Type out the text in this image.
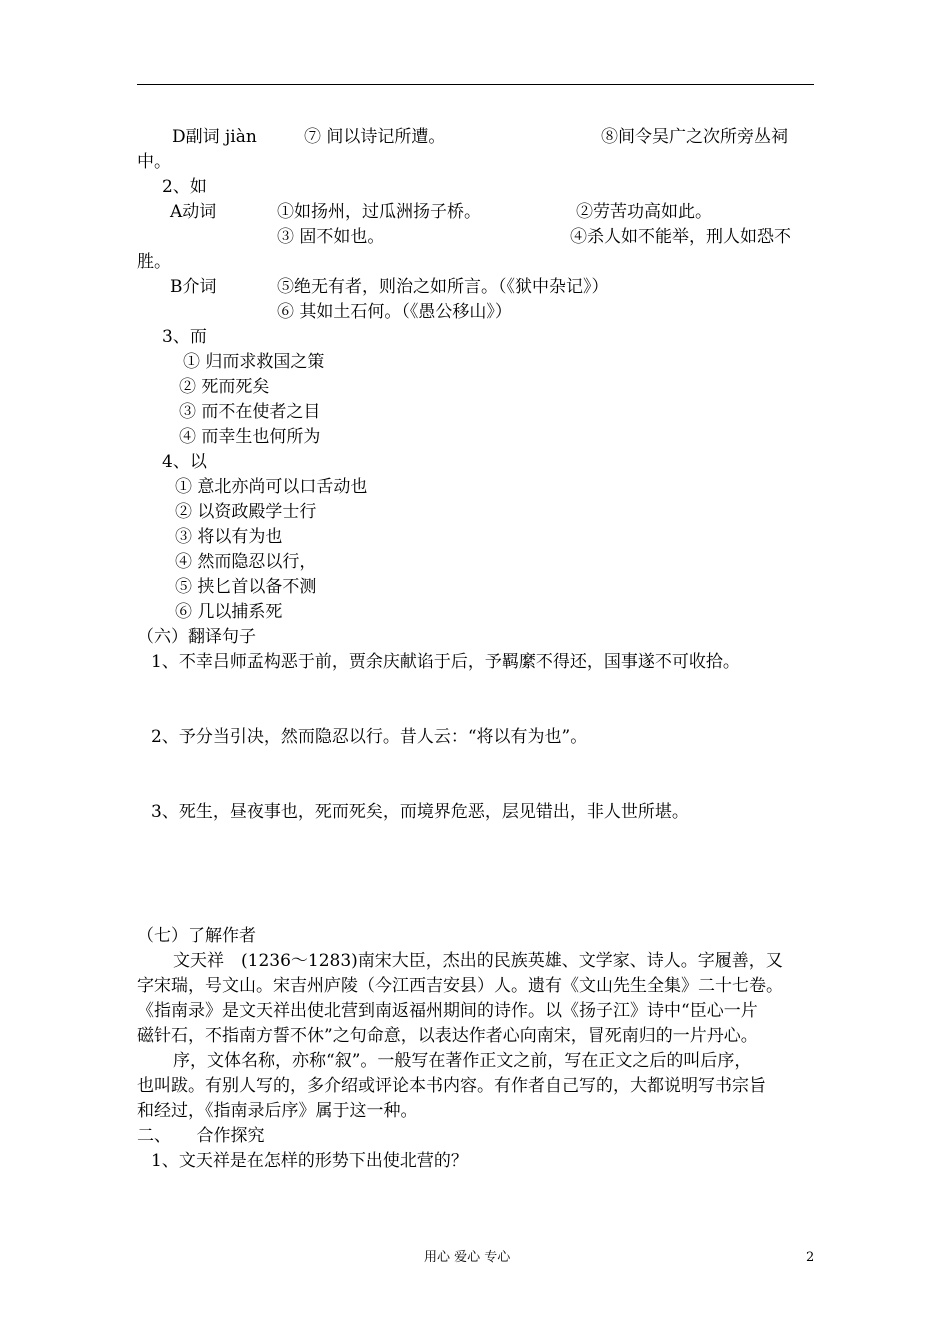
D副词 jiàn	⑦ 间以诗记所遭。	⑧间令吴广之次所旁丛祠
中。
2、如
A动词	①如扬州，过瓜洲扬子桥。	②劳苦功高如此。
③ 固不如也。	④杀人如不能举，刑人如恐不
胜。
B介词	⑤绝无有者，则治之如所言。（《狱中杂记》）
⑥ 其如土石何。（《愚公移山》）
3、而
① 归而求救国之策
② 死而死矣
③ 而不在使者之目
④ 而幸生也何所为
4、以
① 意北亦尚可以口舌动也
② 以资政殿学士行
③ 将以有为也
④ 然而隐忍以行，
⑤ 挟匕首以备不测
⑥ 几以捕系死
（六）翻译句子
1、不幸吕师孟构恶于前，贾余庆献谄于后，予羁縻不得还，国事遂不可收拾。
2、予分当引决，然而隐忍以行。昔人云：“将以有为也”。
3、死生，昼夜事也，死而死矣，而境界危恶，层见错出，非人世所堪。
（七）了解作者
文天祥　(1236～1283)南宋大臣，杰出的民族英雄、文学家、诗人。字履善，又
字宋瑞，号文山。宋吉州庐陵（今江西吉安县）人。遗有《文山先生全集》二十七卷。
《指南录》是文天祥出使北营到南返福州期间的诗作。以《扬子江》诗中“臣心一片
磁针石，不指南方誓不休”之句命意，以表达作者心向南宋，冒死南归的一片丹心。
序，文体名称，亦称“叙”。一般写在著作正文之前，写在正文之后的叫后序，
也叫跋。有别人写的，多介绍或评论本书内容。有作者自己写的，大都说明写书宗旨
和经过，《指南录后序》属于这一种。
二、　　合作探究
1、文天祥是在怎样的形势下出使北营的？
用心 爱心 专心	2
